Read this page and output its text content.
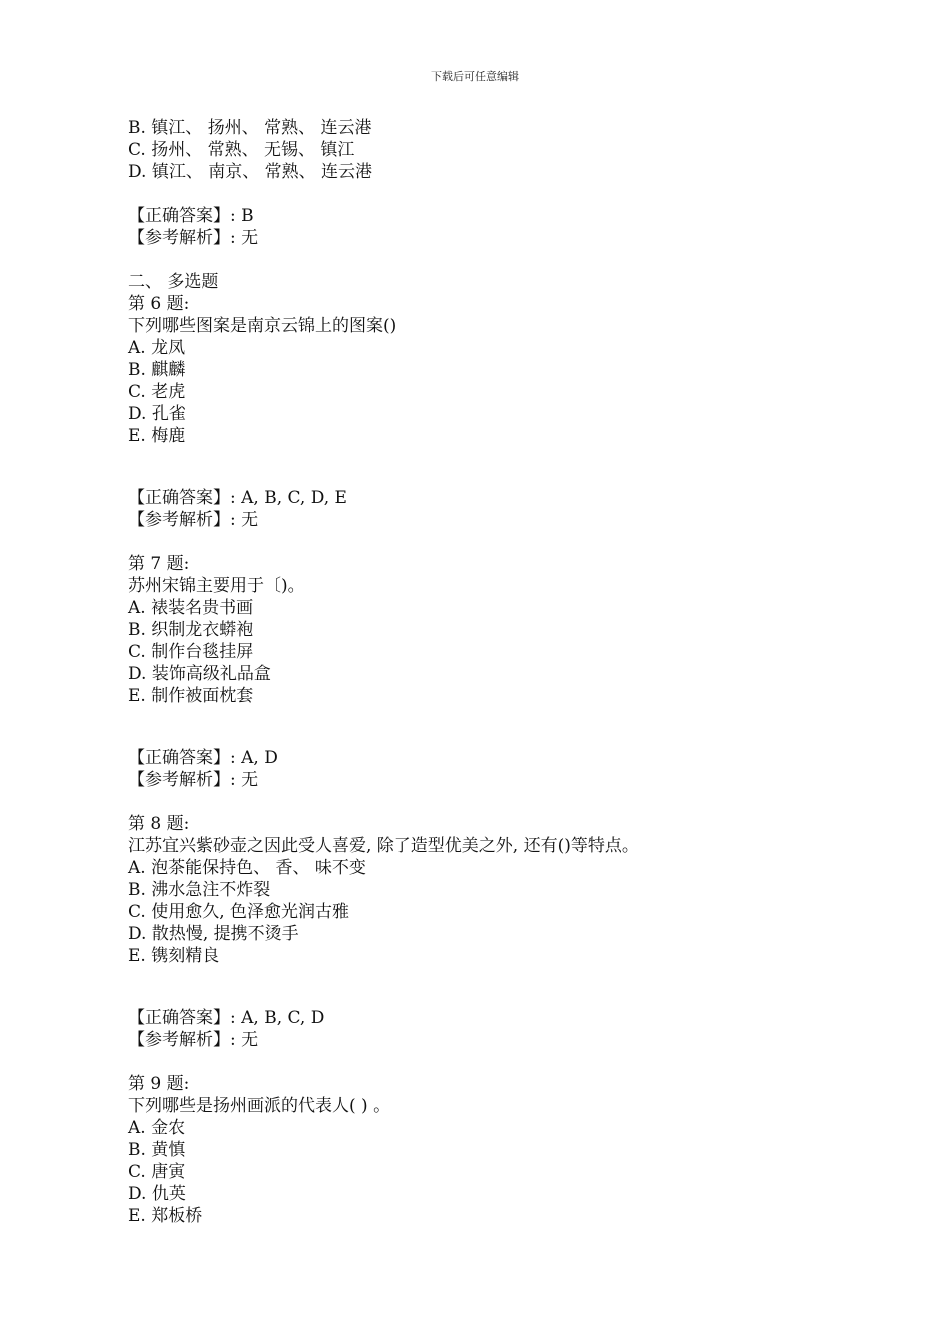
下载后可任意编辑
B. 镇江、 扬州、 常熟、 连云港
C. 扬州、 常熟、 无锡、 镇江
D. 镇江、 南京、 常熟、 连云港
【正确答案】: B
【参考解析】: 无
二、 多选题
第 6 题:
下列哪些图案是南京云锦上的图案()
A. 龙凤
B. 麒麟
C. 老虎
D. 孔雀
E. 梅鹿
【正确答案】: A, B, C, D, E
【参考解析】: 无
第 7 题:
苏州宋锦主要用于〔)。
A. 裱装名贵书画
B. 织制龙衣蟒袍
C. 制作台毯挂屏
D. 装饰高级礼品盒
E. 制作被面枕套
【正确答案】: A, D
【参考解析】: 无
第 8 题:
江苏宜兴紫砂壶之因此受人喜爱, 除了造型优美之外, 还有()等特点。
A. 泡茶能保持色、 香、 味不变
B. 沸水急注不炸裂
C. 使用愈久, 色泽愈光润古雅
D. 散热慢, 提携不烫手
E. 镌刻精良
【正确答案】: A, B, C, D
【参考解析】: 无
第 9 题:
下列哪些是扬州画派的代表人( ) 。
A. 金农
B. 黄慎
C. 唐寅
D. 仇英
E. 郑板桥
